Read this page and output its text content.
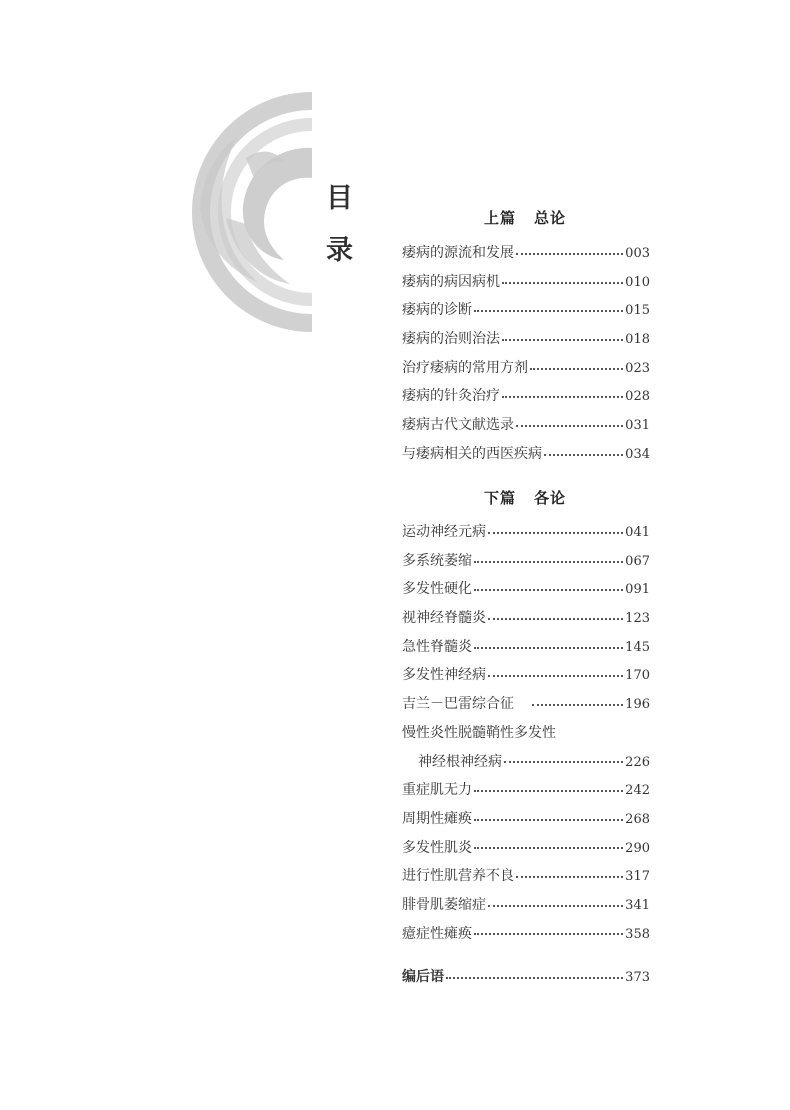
目
录
上篇 总论
痿病的源流和发展	003
痿病的病因病机	010
痿病的诊断	015
痿病的治则治法	018
治疗痿病的常用方剂	023
痿病的针灸治疗	028
痿病古代文献选录	031
与痿病相关的西医疾病	034
下篇 各论
运动神经元病	041
多系统萎缩	067
多发性硬化	091
视神经脊髓炎	123
急性脊髓炎	145
多发性神经病	170
吉兰－巴雷综合征	196
慢性炎性脱髓鞘性多发性
神经根神经病	226
重症肌无力	242
周期性瘫痪	268
多发性肌炎	290
进行性肌营养不良	317
腓骨肌萎缩症	341
癔症性瘫痪	358
编后语	373
